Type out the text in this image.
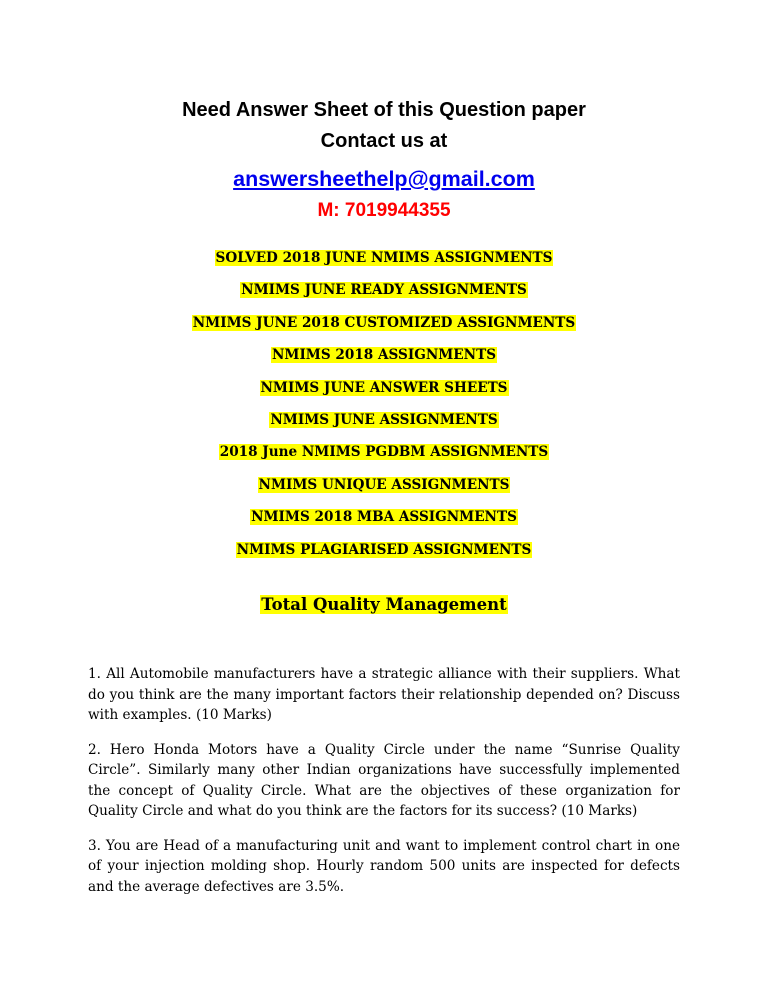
Need Answer Sheet of this Question paper
Contact us at
answersheethelp@gmail.com
M: 7019944355
SOLVED 2018 JUNE NMIMS ASSIGNMENTS
NMIMS JUNE READY ASSIGNMENTS
NMIMS JUNE 2018 CUSTOMIZED ASSIGNMENTS
NMIMS 2018 ASSIGNMENTS
NMIMS JUNE ANSWER SHEETS
NMIMS JUNE ASSIGNMENTS
2018 June NMIMS PGDBM ASSIGNMENTS
NMIMS UNIQUE ASSIGNMENTS
NMIMS 2018 MBA ASSIGNMENTS
NMIMS PLAGIARISED ASSIGNMENTS
Total Quality Management

1. All Automobile manufacturers have a strategic alliance with their suppliers. What do you think are the many important factors their relationship depended on? Discuss with examples. (10 Marks)

2. Hero Honda Motors have a Quality Circle under the name “Sunrise Quality Circle”. Similarly many other Indian organizations have successfully implemented the concept of Quality Circle. What are the objectives of these organization for Quality Circle and what do you think are the factors for its success? (10 Marks)

3. You are Head of a manufacturing unit and want to implement control chart in one of your injection molding shop. Hourly random 500 units are inspected for defects and the average defectives are 3.5%.
